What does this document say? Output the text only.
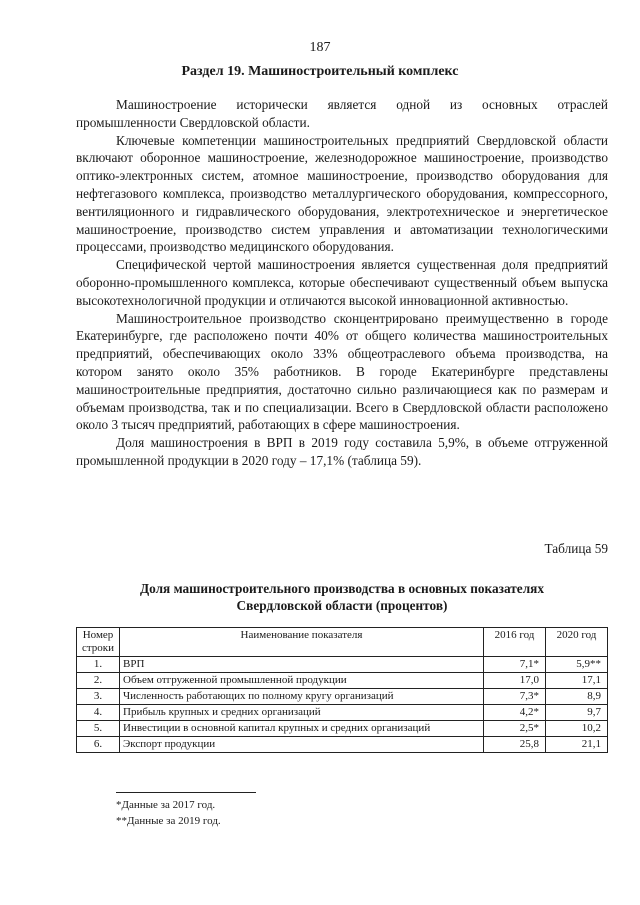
187
Раздел 19. Машиностроительный комплекс

Машиностроение исторически является одной из основных отраслей промышленности Свердловской области.

Ключевые компетенции машиностроительных предприятий Свердловской области включают оборонное машиностроение, железнодорожное машиностроение, производство оптико-электронных систем, атомное машиностроение, производство оборудования для нефтегазового комплекса, производство металлургического оборудования, компрессорного, вентиляционного и гидравлического оборудования, электротехническое и энергетическое машиностроение, производство систем управления и автоматизации технологическими процессами, производство медицинского оборудования.

Специфической чертой машиностроения является существенная доля предприятий оборонно-промышленного комплекса, которые обеспечивают существенный объем выпуска высокотехнологичной продукции и отличаются высокой инновационной активностью.

Машиностроительное производство сконцентрировано преимущественно в городе Екатеринбурге, где расположено почти 40% от общего количества машиностроительных предприятий, обеспечивающих около 33% общеотраслевого объема производства, на котором занято около 35% работников. В городе Екатеринбурге представлены машиностроительные предприятия, достаточно сильно различающиеся как по размерам и объемам производства, так и по специализации. Всего в Свердловской области расположено около 3 тысяч предприятий, работающих в сфере машиностроения.

Доля машиностроения в ВРП в 2019 году составила 5,9%, в объеме отгруженной промышленной продукции в 2020 году – 17,1% (таблица 59).

Таблица 59
Доля машиностроительного производства в основных показателях
Свердловской области (процентов)
Номер строки	Наименование показателя	2016 год	2020 год
1.	ВРП	7,1*	5,9**
2.	Объем отгруженной промышленной продукции	17,0	17,1
3.	Численность работающих по полному кругу организаций	7,3*	8,9
4.	Прибыль крупных и средних организаций	4,2*	9,7
5.	Инвестиции в основной капитал крупных и средних организаций	2,5*	10,2
6.	Экспорт продукции	25,8	21,1
*Данные за 2017 год.
**Данные за 2019 год.
